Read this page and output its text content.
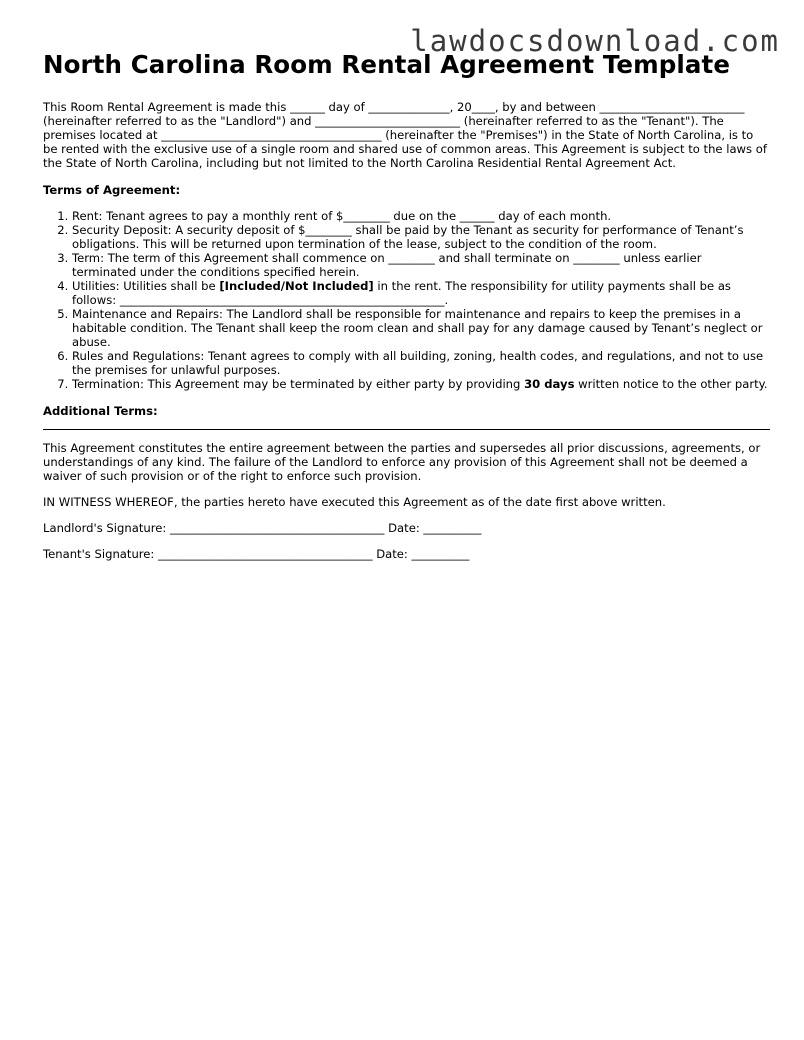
lawdocsdownload.com
North Carolina Room Rental Agreement Template

This Room Rental Agreement is made this ______ day of ______________, 20____, by and between _________________________ (hereinafter referred to as the "Landlord") and _________________________ (hereinafter referred to as the "Tenant"). The premises located at ______________________________________ (hereinafter the "Premises") in the State of North Carolina, is to be rented with the exclusive use of a single room and shared use of common areas. This Agreement is subject to the laws of the State of North Carolina, including but not limited to the North Carolina Residential Rental Agreement Act.

Terms of Agreement:
1. Rent: Tenant agrees to pay a monthly rent of $________ due on the ______ day of each month.
2. Security Deposit: A security deposit of $________ shall be paid by the Tenant as security for performance of Tenant’s obligations. This will be returned upon termination of the lease, subject to the condition of the room.
3. Term: The term of this Agreement shall commence on ________ and shall terminate on ________ unless earlier terminated under the conditions specified herein.
4. Utilities: Utilities shall be [Included/Not Included] in the rent. The responsibility for utility payments shall be as follows: ________________________________________________________.
5. Maintenance and Repairs: The Landlord shall be responsible for maintenance and repairs to keep the premises in a habitable condition. The Tenant shall keep the room clean and shall pay for any damage caused by Tenant’s neglect or abuse.
6. Rules and Regulations: Tenant agrees to comply with all building, zoning, health codes, and regulations, and not to use the premises for unlawful purposes.
7. Termination: This Agreement may be terminated by either party by providing 30 days written notice to the other party.
Additional Terms:

This Agreement constitutes the entire agreement between the parties and supersedes all prior discussions, agreements, or understandings of any kind. The failure of the Landlord to enforce any provision of this Agreement shall not be deemed a waiver of such provision or of the right to enforce such provision.

IN WITNESS WHEREOF, the parties hereto have executed this Agreement as of the date first above written.

Landlord's Signature: _____________________________________ Date: __________

Tenant's Signature: _____________________________________ Date: __________
